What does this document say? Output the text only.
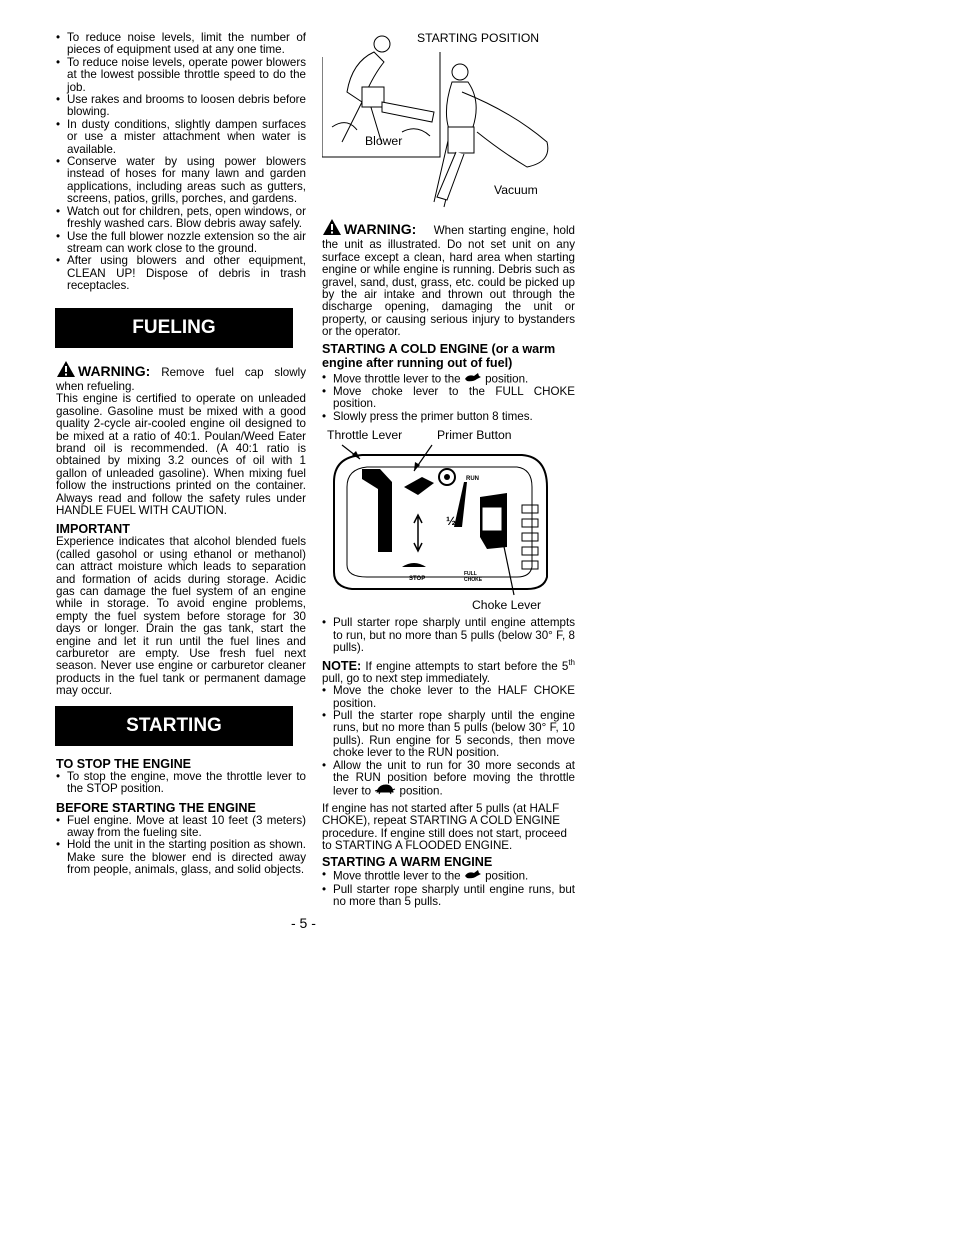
• To reduce noise levels, limit the number of pieces of equipment used at any one time.
• To reduce noise levels, operate power blowers at the lowest possible throttle speed to do the job.
• Use rakes and brooms to loosen debris before blowing.
• In dusty conditions, slightly dampen surfaces or use a mister attachment when water is available.
• Conserve water by using power blowers instead of hoses for many lawn and garden applications, including areas such as gutters, screens, patios, grills, porches, and gardens.
• Watch out for children, pets, open windows, or freshly washed cars. Blow debris away safely.
• Use the full blower nozzle extension so the air stream can work close to the ground.
• After using blowers and other equipment, CLEAN UP! Dispose of debris in trash receptacles.
FUELING

WARNING: Remove fuel cap slowly when refueling.

This engine is certified to operate on unleaded gasoline. Gasoline must be mixed with a good quality 2-cycle air-cooled engine oil designed to be mixed at a ratio of 40:1. Poulan/Weed Eater brand oil is recommended. (A 40:1 ratio is obtained by mixing 3.2 ounces of oil with 1 gallon of unleaded gasoline). When mixing fuel follow the instructions printed on the container. Always read and follow the safety rules under HANDLE FUEL WITH CAUTION.

IMPORTANT

Experience indicates that alcohol blended fuels (called gasohol or using ethanol or methanol) can attract moisture which leads to separation and formation of acids during storage. Acidic gas can damage the fuel system of an engine while in storage. To avoid engine problems, empty the fuel system before storage for 30 days or longer. Drain the gas tank, start the engine and let it run until the fuel lines and carburetor are empty. Use fresh fuel next season. Never use engine or carburetor cleaner products in the fuel tank or permanent damage may occur.

STARTING
TO STOP THE ENGINE
• To stop the engine, move the throttle lever to the STOP position.
BEFORE STARTING THE ENGINE
• Fuel engine. Move at least 10 feet (3 meters) away from the fueling site.
• Hold the unit in the starting position as shown. Make sure the blower end is directed away from people, animals, glass, and solid objects.
STARTING POSITION
Blower
Vacuum

WARNING: When starting engine, hold the unit as illustrated. Do not set unit on any surface except a clean, hard area when starting engine or while engine is running. Debris such as gravel, sand, dust, grass, etc. could be picked up by the air intake and thrown out through the discharge opening, damaging the unit or property, or causing serious injury to bystanders or the operator.

STARTING A COLD ENGINE (or a warm engine after running out of fuel)
• Move throttle lever to the position.
• Move choke lever to the FULL CHOKE position.
• Slowly press the primer button 8 times.
Throttle Lever	Primer Button
RUN
½
STOP
FULL
CHOKE
Choke Lever
• Pull starter rope sharply until engine attempts to run, but no more than 5 pulls (below 30° F, 8 pulls).

NOTE: If engine attempts to start before the 5th pull, go to next step immediately.

• Move the choke lever to the HALF CHOKE position.
• Pull the starter rope sharply until the engine runs, but no more than 5 pulls (below 30° F, 10 pulls). Run engine for 5 seconds, then move choke lever to the RUN position.
• Allow the unit to run for 30 more seconds at the RUN position before moving the throttle lever to position.

If engine has not started after 5 pulls (at HALF CHOKE), repeat STARTING A COLD ENGINE procedure. If engine still does not start, proceed to STARTING A FLOODED ENGINE.

STARTING A WARM ENGINE
• Move throttle lever to the position.
• Pull starter rope sharply until engine runs, but no more than 5 pulls.
- 5 -
